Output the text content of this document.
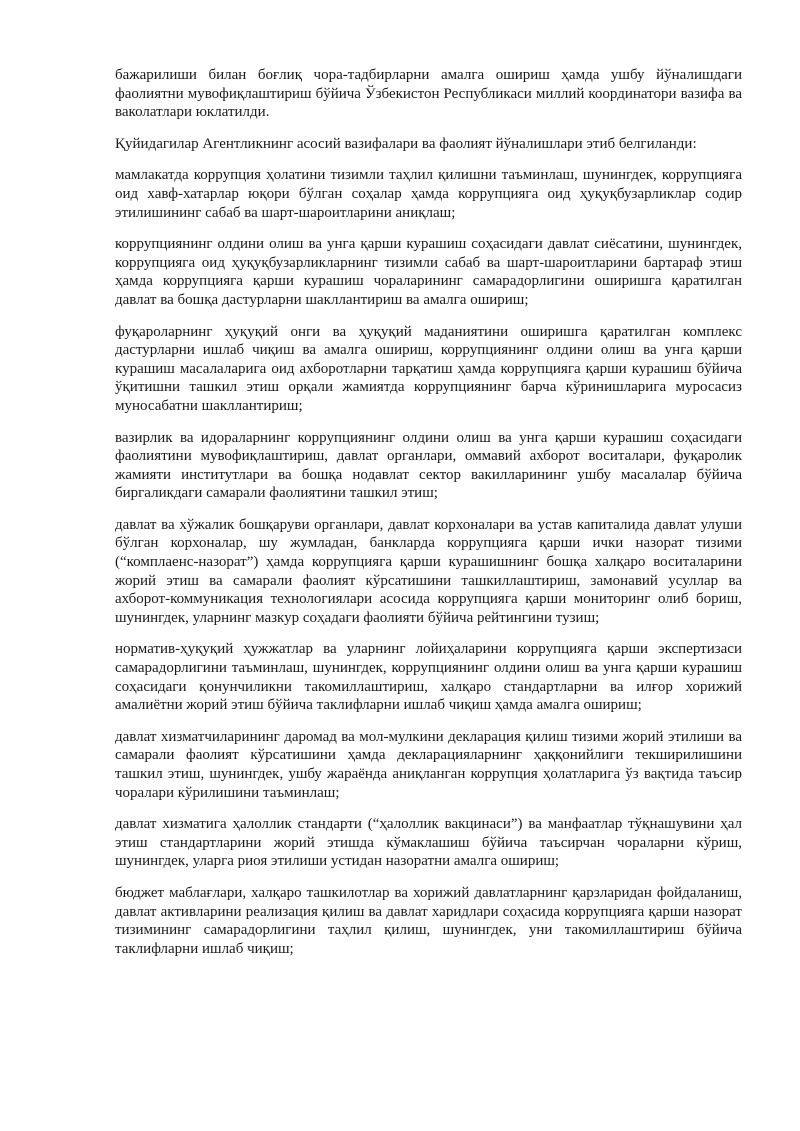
бажарилиши билан боғлиқ чора-тадбирларни амалга ошириш ҳамда ушбу йўналишдаги фаолиятни мувофиқлаштириш бўйича Ўзбекистон Республикаси миллий координатори вазифа ва ваколатлари юклатилди.

Қуйидагилар Агентликнинг асосий вазифалари ва фаолият йўналишлари этиб белгиланди:

мамлакатда коррупция ҳолатини тизимли таҳлил қилишни таъминлаш, шунингдек, коррупцияга оид хавф-хатарлар юқори бўлган соҳалар ҳамда коррупцияга оид ҳуқуқбузарликлар содир этилишининг сабаб ва шарт-шароитларини аниқлаш;

коррупциянинг олдини олиш ва унга қарши курашиш соҳасидаги давлат сиёсатини, шунингдек, коррупцияга оид ҳуқуқбузарликларнинг тизимли сабаб ва шарт-шароитларини бартараф этиш ҳамда коррупцияга қарши курашиш чораларининг самарадорлигини оширишга қаратилган давлат ва бошқа дастурларни шакллантириш ва амалга ошириш;

фуқароларнинг ҳуқуқий онги ва ҳуқуқий маданиятини оширишга қаратилган комплекс дастурларни ишлаб чиқиш ва амалга ошириш, коррупциянинг олдини олиш ва унга қарши курашиш масалаларига оид ахборотларни тарқатиш ҳамда коррупцияга қарши курашиш бўйича ўқитишни ташкил этиш орқали жамиятда коррупциянинг барча кўринишларига муросасиз муносабатни шакллантириш;

вазирлик ва идораларнинг коррупциянинг олдини олиш ва унга қарши курашиш соҳасидаги фаолиятини мувофиқлаштириш, давлат органлари, оммавий ахборот воситалари, фуқаролик жамияти институтлари ва бошқа нодавлат сектор вакилларининг ушбу масалалар бўйича биргаликдаги самарали фаолиятини ташкил этиш;

давлат ва хўжалик бошқаруви органлари, давлат корхоналари ва устав капиталида давлат улуши бўлган корхоналар, шу жумладан, банкларда коррупцияга қарши ички назорат тизими (“комплаенс-назорат”) ҳамда коррупцияга қарши курашишнинг бошқа халқаро воситаларини жорий этиш ва самарали фаолият кўрсатишини ташкиллаштириш, замонавий усуллар ва ахборот-коммуникация технологиялари асосида коррупцияга қарши мониторинг олиб бориш, шунингдек, уларнинг мазкур соҳадаги фаолияти бўйича рейтингини тузиш;

норматив-ҳуқуқий ҳужжатлар ва уларнинг лойиҳаларини коррупцияга қарши экспертизаси самарадорлигини таъминлаш, шунингдек, коррупциянинг олдини олиш ва унга қарши курашиш соҳасидаги қонунчиликни такомиллаштириш, халқаро стандартларни ва илғор хорижий амалиётни жорий этиш бўйича таклифларни ишлаб чиқиш ҳамда амалга ошириш;

давлат хизматчиларининг даромад ва мол-мулкини декларация қилиш тизими жорий этилиши ва самарали фаолият кўрсатишини ҳамда декларацияларнинг ҳаққонийлиги текширилишини ташкил этиш, шунингдек, ушбу жараёнда аниқланган коррупция ҳолатларига ўз вақтида таъсир чоралари кўрилишини таъминлаш;

давлат хизматига ҳалоллик стандарти (“ҳалоллик вакцинаси”) ва манфаатлар тўқнашувини ҳал этиш стандартларини жорий этишда кўмаклашиш бўйича таъсирчан чораларни кўриш, шунингдек, уларга риоя этилиши устидан назоратни амалга ошириш;

бюджет маблағлари, халқаро ташкилотлар ва хорижий давлатларнинг қарзларидан фойдаланиш, давлат активларини реализация қилиш ва давлат харидлари соҳасида коррупцияга қарши назорат тизимининг самарадорлигини таҳлил қилиш, шунингдек, уни такомиллаштириш бўйича таклифларни ишлаб чиқиш;
